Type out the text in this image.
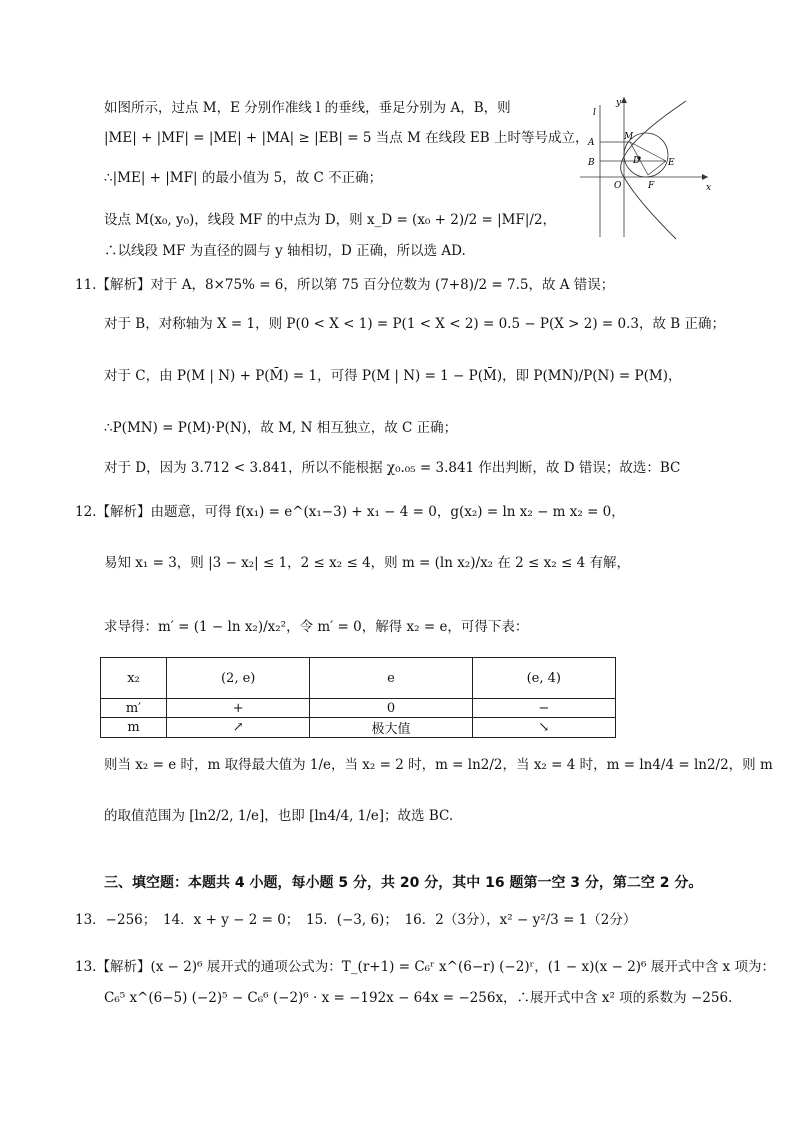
如图所示，过点 M，E 分别作准线 l 的垂线，垂足分别为 A，B，则
|ME| + |MF| = |ME| + |MA| ≥ |EB| = 5 当点 M 在线段 EB 上时等号成立，
∴|ME| + |MF| 的最小值为 5，故 C 不正确；
设点 M(x₀, y₀)，线段 MF 的中点为 D，则 x_D = (x₀ + 2)/2 = |MF|/2，
∴以线段 MF 为直径的圆与 y 轴相切，D 正确，所以选 AD.
y
x
l
M
A
B	D	E
O	F
11.【解析】对于 A，8×75% = 6，所以第 75 百分位数为 (7+8)/2 = 7.5，故 A 错误；
对于 B，对称轴为 X = 1，则 P(0 < X < 1) = P(1 < X < 2) = 0.5 − P(X > 2) = 0.3，故 B 正确；
对于 C，由 P(M | N) + P(M̄) = 1，可得 P(M | N) = 1 − P(M̄)，即 P(MN)/P(N) = P(M)，
∴P(MN) = P(M)·P(N)，故 M, N 相互独立，故 C 正确；
对于 D，因为 3.712 < 3.841，所以不能根据 χ₀.₀₅ = 3.841 作出判断，故 D 错误；故选：BC
12.【解析】由题意，可得 f(x₁) = e^(x₁−3) + x₁ − 4 = 0，g(x₂) = ln x₂ − m x₂ = 0，
易知 x₁ = 3，则 |3 − x₂| ≤ 1，2 ≤ x₂ ≤ 4，则 m = (ln x₂)/x₂ 在 2 ≤ x₂ ≤ 4 有解，
求导得：m′ = (1 − ln x₂)/x₂²，令 m′ = 0，解得 x₂ = e，可得下表：
x₂	(2, e)	e	(e, 4)
m′	+	0	−
m	↗	极大值	↘
则当 x₂ = e 时，m 取得最大值为 1/e，当 x₂ = 2 时，m = ln2/2，当 x₂ = 4 时，m = ln4/4 = ln2/2，则 m
的取值范围为 [ln2/2, 1/e]，也即 [ln4/4, 1/e]；故选 BC.
三、填空题：本题共 4 小题，每小题 5 分，共 20 分，其中 16 题第一空 3 分，第二空 2 分。
13．−256；　14．x + y − 2 = 0；　15．(−3, 6)；　16．2（3分），x² − y²/3 = 1（2分）
13.【解析】(x − 2)⁶ 展开式的通项公式为：T_(r+1) = C₆ʳ x^(6−r) (−2)ʳ，(1 − x)(x − 2)⁶ 展开式中含 x 项为：
C₆⁵ x^(6−5) (−2)⁵ − C₆⁶ (−2)⁶ · x = −192x − 64x = −256x，∴展开式中含 x² 项的系数为 −256.
